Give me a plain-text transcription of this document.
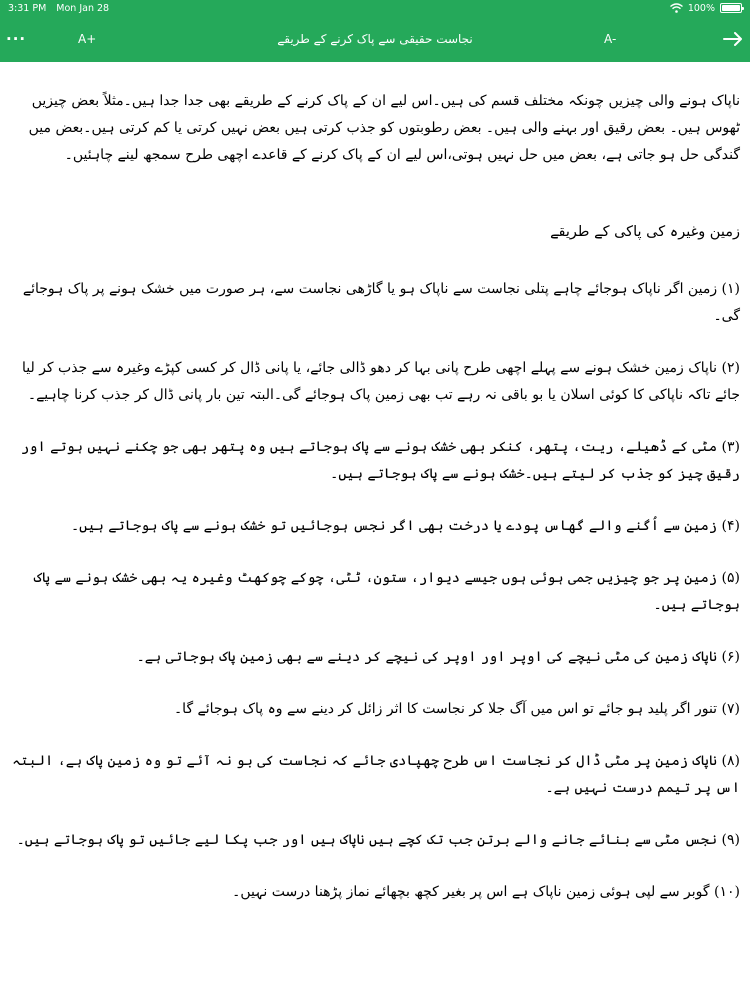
3:31 PM Mon Jan 28	100%
···	A+	نجاست حقیقی سے پاک کرنے کے طریقے	A-

ناپاک ہونے والی چیزیں چونکہ مختلف قسم کی ہیں۔اس لیے ان کے پاک کرنے کے طریقے بھی جدا جدا ہیں۔مثلاً بعض چیزیں ٹھوس ہیں۔ بعض رقیق اور بہنے والی ہیں۔ بعض رطوبتوں کو جذب کرتی ہیں بعض نہیں کرتی یا کم کرتی ہیں۔بعض میں گندگی حل ہو جاتی ہے، بعض میں حل نہیں ہوتی،اس لیے ان کے پاک کرنے کے قاعدے اچھی طرح سمجھ لینے چاہئیں۔

زمین وغیرہ کی پاکی کے طریقے

(۱) زمین اگر ناپاک ہوجائے چاہے پتلی نجاست سے ناپاک ہو یا گاڑھی نجاست سے، ہر صورت میں خشک ہونے پر پاک ہوجائے گی۔

(۲) ناپاک زمین خشک ہونے سے پہلے اچھی طرح پانی بہا کر دھو ڈالی جائے، یا پانی ڈال کر کسی کپڑے وغیرہ سے جذب کر لیا جائے تاکہ ناپاکی کا کوئی اسلان یا بو باقی نہ رہے تب بھی زمین پاک ہوجائے گی۔البتہ تین بار پانی ڈال کر جذب کرنا چاہیے۔

(۳) مٹی کے ڈھیلے، ریت، پتھر، کنکر بھی خشک ہونے سے پاک ہوجاتے ہیں وہ پتھر بھی جو چکنے نہیں ہوتے اور رقیق چیز کو جذب کر لیتے ہیں۔خشک ہونے سے پاک ہوجاتے ہیں۔

(۴) زمین سے اُگنے والے گھاس پودے یا درخت بھی اگر نجس ہوجائیں تو خشک ہونے سے پاک ہوجاتے ہیں۔

(۵) زمین پر جو چیزیں جمی ہوئی ہوں جیسے دیوار، ستون، ٹٹی، چوکے چوکھٹ وغیرہ یہ بھی خشک ہونے سے پاک ہوجاتے ہیں۔

(۶) ناپاک زمین کی مٹی نیچے کی اوپر اور اوپر کی نیچے کر دینے سے بھی زمین پاک ہوجاتی ہے۔

(۷) تنور اگر پلید ہو جائے تو اس میں آگ جلا کر نجاست کا اثر زائل کر دینے سے وہ پاک ہوجائے گا۔

(۸) ناپاک زمین پر مٹی ڈال کر نجاست اس طرح چھپادی جائے کہ نجاست کی بو نہ آئے تو وہ زمین پاک ہے، البتہ اس پر تیمم درست نہیں ہے۔

(۹) نجس مٹی سے بنائے جانے والے برتن جب تک کچے ہیں ناپاک ہیں اور جب پکا لیے جائیں تو پاک ہوجاتے ہیں۔

(۱۰) گوبر سے لپی ہوئی زمین ناپاک ہے اس پر بغیر کچھ بچھائے نماز پڑھنا درست نہیں۔
